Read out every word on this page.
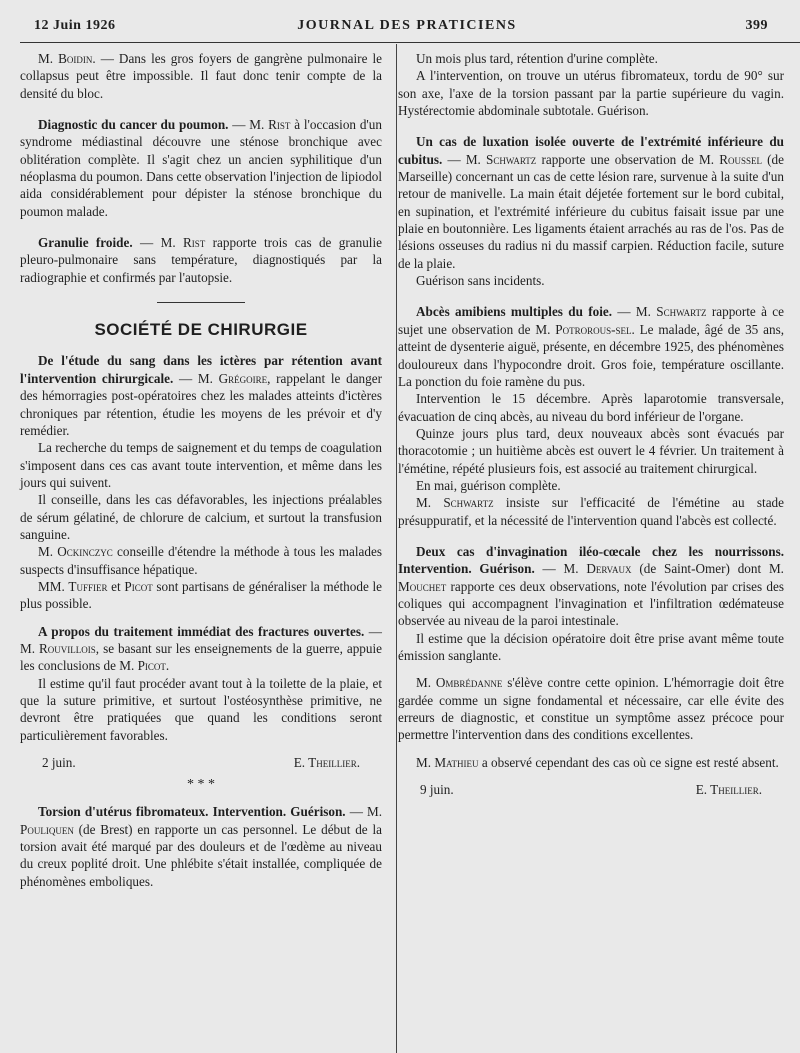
12 Juin 1926	JOURNAL DES PRATICIENS	399

M. Boidin. — Dans les gros foyers de gangrène pulmonaire le collapsus peut être impossible. Il faut donc tenir compte de la densité du bloc.

Diagnostic du cancer du poumon. — M. Rist à l'occasion d'un syndrome médiastinal découvre une sténose bronchique avec oblitération complète. Il s'agit chez un ancien syphilitique d'un néoplasma du poumon. Dans cette observation l'injection de lipiodol aida considérablement pour dépister la sténose bronchique du poumon malade.

Granulie froide. — M. Rist rapporte trois cas de granulie pleuro-pulmonaire sans température, diagnostiqués par la radiographie et confirmés par l'autopsie.

SOCIÉTÉ DE CHIRURGIE

De l'étude du sang dans les ictères par rétention avant l'intervention chirurgicale. — M. Grégoire, rappelant le danger des hémorragies post-opératoires chez les malades atteints d'ictères chroniques par rétention, étudie les moyens de les prévoir et d'y remédier.

La recherche du temps de saignement et du temps de coagulation s'imposent dans ces cas avant toute intervention, et même dans les jours qui suivent.

Il conseille, dans les cas défavorables, les injections préalables de sérum gélatiné, de chlorure de calcium, et surtout la transfusion sanguine.

M. Ockinczyc conseille d'étendre la méthode à tous les malades suspects d'insuffisance hépatique.

MM. Tuffier et Picot sont partisans de généraliser la méthode le plus possible.

A propos du traitement immédiat des fractures ouvertes. — M. Rouvillois, se basant sur les enseignements de la guerre, appuie les conclusions de M. Picot.

Il estime qu'il faut procéder avant tout à la toilette de la plaie, et que la suture primitive, et surtout l'ostéosynthèse primitive, ne devront être pratiquées que quand les conditions seront particulièrement favorables.

2 juin.	E. Theillier.
* * *

Torsion d'utérus fibromateux. Intervention. Guérison. — M. Pouliquen (de Brest) en rapporte un cas personnel. Le début de la torsion avait été marqué par des douleurs et de l'œdème au niveau du creux poplité droit. Une phlébite s'était installée, compliquée de phénomènes emboliques.

Un mois plus tard, rétention d'urine complète.

A l'intervention, on trouve un utérus fibromateux, tordu de 90° sur son axe, l'axe de la torsion passant par la partie supérieure du vagin. Hystérectomie abdominale subtotale. Guérison.

Un cas de luxation isolée ouverte de l'extrémité inférieure du cubitus. — M. Schwartz rapporte une observation de M. Roussel (de Marseille) concernant un cas de cette lésion rare, survenue à la suite d'un retour de manivelle. La main était déjetée fortement sur le bord cubital, en supination, et l'extrémité inférieure du cubitus faisait issue par une plaie en boutonnière. Les ligaments étaient arrachés au ras de l'os. Pas de lésions osseuses du radius ni du massif carpien. Réduction facile, suture de la plaie.

Guérison sans incidents.

Abcès amibiens multiples du foie. — M. Schwartz rapporte à ce sujet une observation de M. Potrorous-sel. Le malade, âgé de 35 ans, atteint de dysenterie aiguë, présente, en décembre 1925, des phénomènes douloureux dans l'hypocondre droit. Gros foie, température oscillante. La ponction du foie ramène du pus.

Intervention le 15 décembre. Après laparotomie transversale, évacuation de cinq abcès, au niveau du bord inférieur de l'organe.

Quinze jours plus tard, deux nouveaux abcès sont évacués par thoracotomie ; un huitième abcès est ouvert le 4 février. Un traitement à l'émétine, répété plusieurs fois, est associé au traitement chirurgical.

En mai, guérison complète.

M. Schwartz insiste sur l'efficacité de l'émétine au stade présuppuratif, et la nécessité de l'intervention quand l'abcès est collecté.

Deux cas d'invagination iléo-cœcale chez les nourrissons. Intervention. Guérison. — M. Dervaux (de Saint-Omer) dont M. Mouchet rapporte ces deux observations, note l'évolution par crises des coliques qui accompagnent l'invagination et l'infiltration œdémateuse observée au niveau de la paroi intestinale.

Il estime que la décision opératoire doit être prise avant même toute émission sanglante.

M. Ombrédanne s'élève contre cette opinion. L'hémorragie doit être gardée comme un signe fondamental et nécessaire, car elle évite des erreurs de diagnostic, et constitue un symptôme assez précoce pour permettre l'intervention dans des conditions excellentes.

M. Mathieu a observé cependant des cas où ce signe est resté absent.

9 juin.	E. Theillier.
